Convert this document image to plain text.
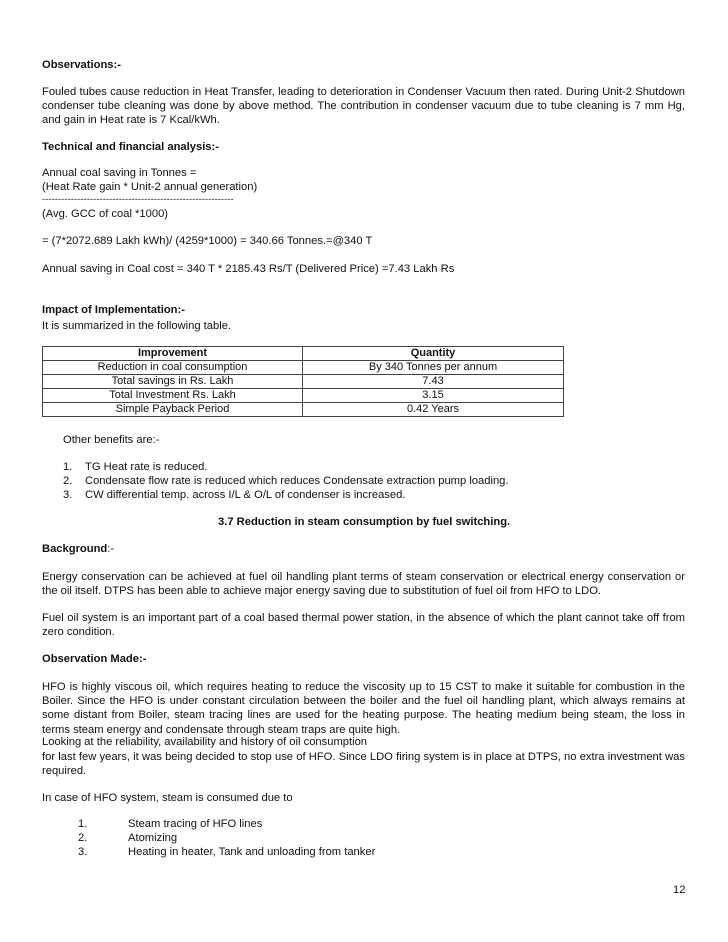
Observations:-
Fouled tubes cause reduction in Heat Transfer, leading to deterioration in Condenser Vacuum then rated. During Unit-2 Shutdown condenser tube cleaning was done by above method. The contribution in condenser vacuum due to tube cleaning is 7 mm Hg, and gain in Heat rate is 7 Kcal/kWh.
Technical and financial analysis:-
Annual coal saving in Tonnes =
(Heat Rate gain * Unit-2 annual generation)
------------------------------------------------------------
(Avg. GCC of coal *1000)
= (7*2072.689 Lakh kWh)/ (4259*1000) = 340.66 Tonnes.=@340 T
Annual saving in Coal cost = 340 T * 2185.43 Rs/T (Delivered Price) =7.43 Lakh Rs
Impact of Implementation:-
It is summarized in the following table.
Improvement	Quantity
Reduction in coal consumption	By 340 Tonnes per annum
Total savings in Rs. Lakh	7.43
Total Investment Rs. Lakh	3.15
Simple Payback Period	0.42 Years
Other benefits are:-
1. TG Heat rate is reduced.
2. Condensate flow rate is reduced which reduces Condensate extraction pump loading.
3. CW differential temp. across I/L & O/L of condenser is increased.
3.7 Reduction in steam consumption by fuel switching.
Background:-
Energy conservation can be achieved at fuel oil handling plant terms of steam conservation or electrical energy conservation or the oil itself. DTPS has been able to achieve major energy saving due to substitution of fuel oil from HFO to LDO.
Fuel oil system is an important part of a coal based thermal power station, in the absence of which the plant cannot take off from zero condition.
Observation Made:-
HFO is highly viscous oil, which requires heating to reduce the viscosity up to 15 CST to make it suitable for combustion in the Boiler. Since the HFO is under constant circulation between the boiler and the fuel oil handling plant, which always remains at some distant from Boiler, steam tracing lines are used for the heating purpose. The heating medium being steam, the loss in terms steam energy and condensate through steam traps are quite high.
Looking at the reliability, availability and history of oil consumption
for last few years, it was being decided to stop use of HFO. Since LDO firing system is in place at DTPS, no extra investment was required.
In case of HFO system, steam is consumed due to
1.	Steam tracing of HFO lines
2.	Atomizing
3.	Heating in heater, Tank and unloading from tanker
12
